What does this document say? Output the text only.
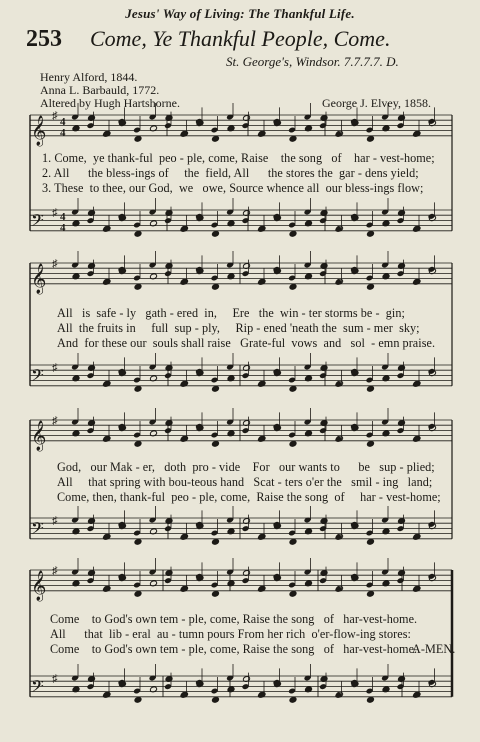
Jesus' Way of Living: The Thankful Life.
253 Come, Ye Thankful People, Come.
St. George's, Windsor. 7.7.7.7. D.
Henry Alford, 1844.
Anna L. Barbauld, 1772.
Altered by Hugh Hartshorne.	George J. Elvey, 1858.
𝄞 ♯ 4
4
𝄢 ♯ 4
4
𝄞 ♯
𝄢 ♯
𝄞 ♯
𝄢 ♯
𝄞 ♯
𝄢 ♯
1. Come,  ye thank-ful  peo - ple, come, Raise    the song   of    har - vest-home;
2. All      the bless-ings of     the  field, All      the stores the  gar - dens yield;
3. These  to thee, our God,  we   owe, Source whence all  our bless-ings flow;
All   is  safe - ly   gath - ered  in,     Ere   the  win - ter storms be -  gin;
All  the fruits in     full  sup - ply,     Rip - ened 'neath the  sum - mer  sky;
And  for these our  souls shall raise   Grate-ful  vows  and   sol  - emn praise.
God,   our Mak - er,   doth  pro - vide    For   our wants to      be   sup - plied;
All     that spring with bou-teous hand   Scat - ters o'er the   smil - ing   land;
Come, then, thank-ful  peo - ple, come,  Raise the song  of     har - vest-home;
Come    to God's own tem - ple, come, Raise the song   of   har-vest-home.
All      that  lib - eral  au - tumn pours From her rich  o'er-flow-ing stores:
Come    to God's own tem - ple, come, Raise the song   of   har-vest-home.
A-MEN.
